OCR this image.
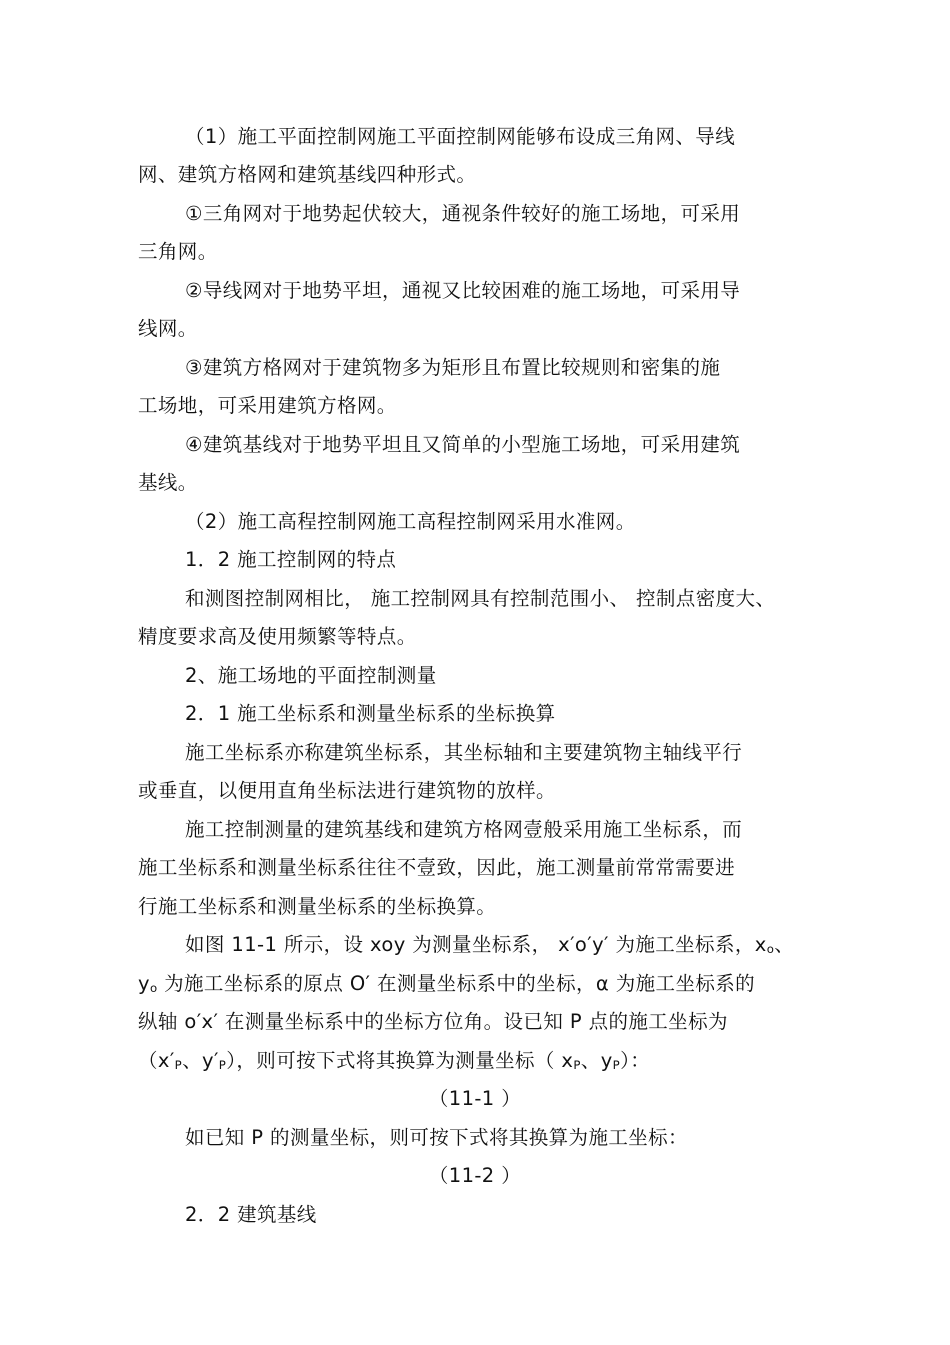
（1）施工平面控制网施工平面控制网能够布设成三角网、导线
网、建筑方格网和建筑基线四种形式。
①三角网对于地势起伏较大，通视条件较好的施工场地，可采用
三角网。
②导线网对于地势平坦，通视又比较困难的施工场地，可采用导
线网。
③建筑方格网对于建筑物多为矩形且布置比较规则和密集的施
工场地，可采用建筑方格网。
④建筑基线对于地势平坦且又简单的小型施工场地，可采用建筑
基线。
（2）施工高程控制网施工高程控制网采用水准网。
1．2 施工控制网的特点
和测图控制网相比， 施工控制网具有控制范围小、 控制点密度大、
精度要求高及使用频繁等特点。
2、施工场地的平面控制测量
2．1 施工坐标系和测量坐标系的坐标换算
施工坐标系亦称建筑坐标系，其坐标轴和主要建筑物主轴线平行
或垂直，以便用直角坐标法进行建筑物的放样。
施工控制测量的建筑基线和建筑方格网壹般采用施工坐标系，而
施工坐标系和测量坐标系往往不壹致，因此，施工测量前常常需要进
行施工坐标系和测量坐标系的坐标换算。
如图 11-1 所示，设 xoy 为测量坐标系， x′o′y′ 为施工坐标系，$x_o$、
$y_o$ 为施工坐标系的原点 O′ 在测量坐标系中的坐标，α 为施工坐标系的
纵轴 o′x′ 在测量坐标系中的坐标方位角。设已知 P 点的施工坐标为
（$x'_P$、$y'_P$），则可按下式将其换算为测量坐标（ $x_P$、$y_P$）：
（11-1 ）
如已知 P 的测量坐标，则可按下式将其换算为施工坐标：
（11-2 ）
2．2 建筑基线
